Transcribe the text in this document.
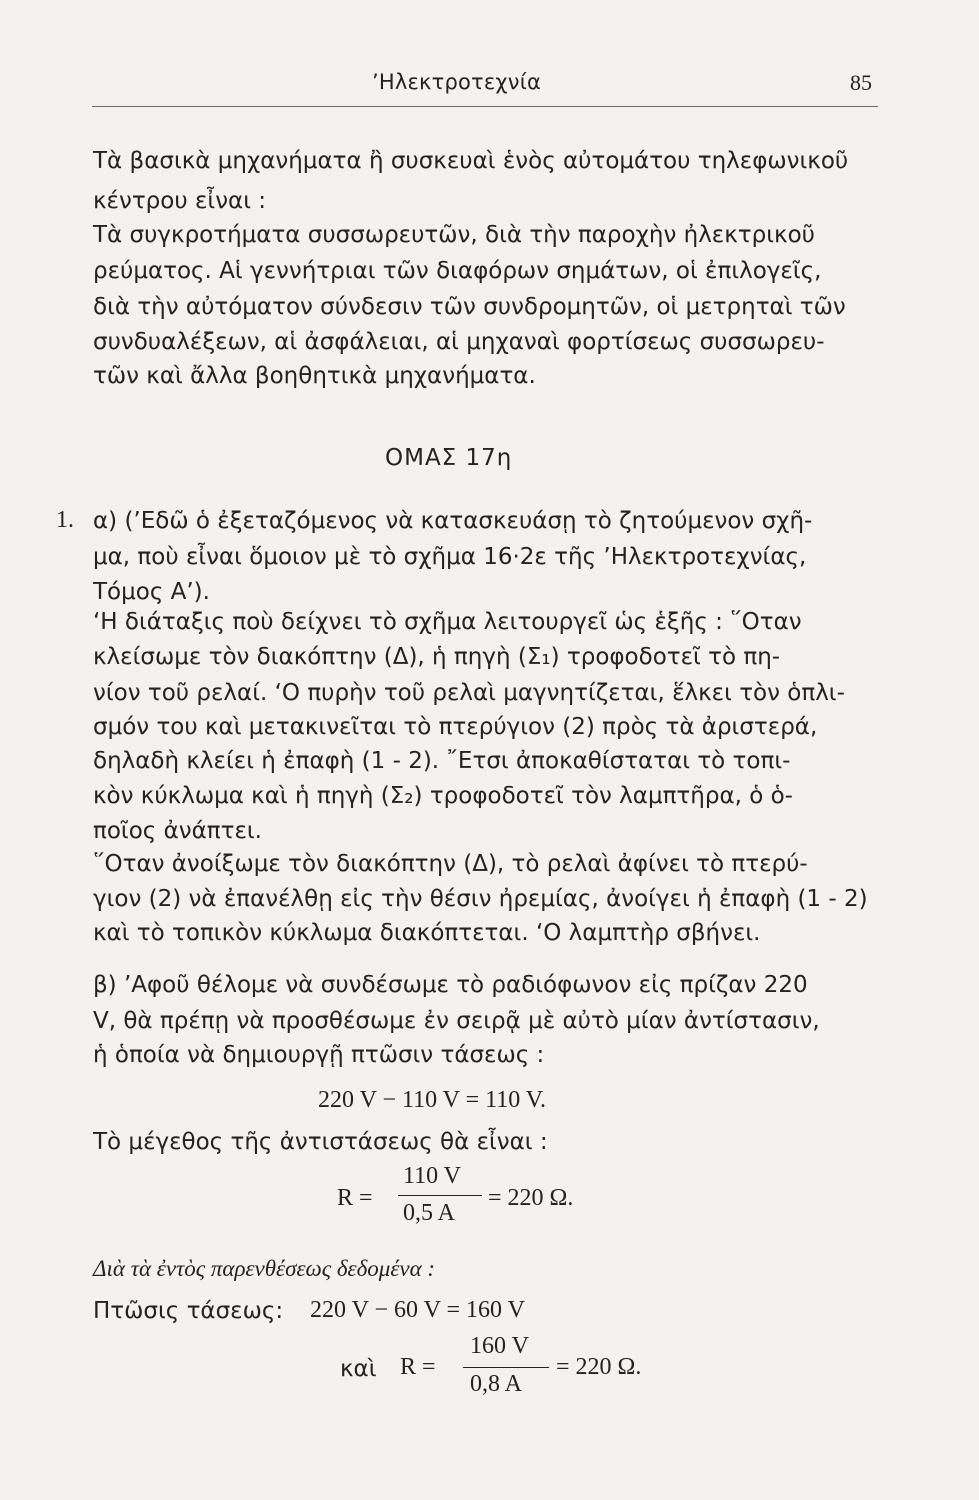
’Ηλεκτροτεχνία	85
Τὰ βασικὰ μηχανήματα ἢ συσκευαὶ ἑνὸς αὐτομάτου τηλεφωνικοῦ
κέντρου εἶναι :
Τὰ συγκροτήματα συσσωρευτῶν, διὰ τὴν παροχὴν ἠλεκτρικοῦ
ρεύματος. Αἱ γεννήτριαι τῶν διαφόρων σημάτων, οἱ ἐπιλογεῖς,
διὰ τὴν αὐτόματον σύνδεσιν τῶν συνδρομητῶν, οἱ μετρηταὶ τῶν
συνδυαλέξεων, αἱ ἀσφάλειαι, αἱ μηχαναὶ φορτίσεως συσσωρευ-
τῶν καὶ ἄλλα βοηθητικὰ μηχανήματα.
ΟΜΑΣ 17η
1. α) (’Εδῶ ὁ ἐξεταζόμενος νὰ κατασκευάσῃ τὸ ζητούμενον σχῆ-
μα, ποὺ εἶναι ὅμοιον μὲ τὸ σχῆμα 16·2ε τῆς ’Ηλεκτροτεχνίας,
Τόμος Α’).
‘Η διάταξις ποὺ δείχνει τὸ σχῆμα λειτουργεῖ ὡς ἑξῆς : ῞Οταν
κλείσωμε τὸν διακόπτην (Δ), ἡ πηγὴ (Σ₁) τροφοδοτεῖ τὸ πη-
νίον τοῦ ρελαί. ‘Ο πυρὴν τοῦ ρελαὶ μαγνητίζεται, ἕλκει τὸν ὁπλι-
σμόν του καὶ μετακινεῖται τὸ πτερύγιον (2) πρὸς τὰ ἀριστερά,
δηλαδὴ κλείει ἡ ἐπαφὴ (1 - 2). ῎Ετσι ἀποκαθίσταται τὸ τοπι-
κὸν κύκλωμα καὶ ἡ πηγὴ (Σ₂) τροφοδοτεῖ τὸν λαμπτῆρα, ὁ ὁ-
ποῖος ἀνάπτει.
῞Οταν ἀνοίξωμε τὸν διακόπτην (Δ), τὸ ρελαὶ ἀφίνει τὸ πτερύ-
γιον (2) νὰ ἐπανέλθῃ εἰς τὴν θέσιν ἠρεμίας, ἀνοίγει ἡ ἐπαφὴ (1 - 2)
καὶ τὸ τοπικὸν κύκλωμα διακόπτεται. ‘Ο λαμπτὴρ σβήνει.
β) ’Αφοῦ θέλομε νὰ συνδέσωμε τὸ ραδιόφωνον εἰς πρίζαν 220
V, θὰ πρέπῃ νὰ προσθέσωμε ἐν σειρᾷ μὲ αὐτὸ μίαν ἀντίστασιν,
ἡ ὁποία νὰ δημιουργῇ πτῶσιν τάσεως :
220 V − 110 V = 110 V.
Τὸ μέγεθος τῆς ἀντιστάσεως θὰ εἶναι :
R =
110 V
0,5 A
= 220 Ω.
Διὰ τὰ ἐντὸς παρενθέσεως δεδομένα :
Πτῶσις τάσεως: 220 V − 60 V = 160 V
καὶ R =
160 V
0,8 A
= 220 Ω.
